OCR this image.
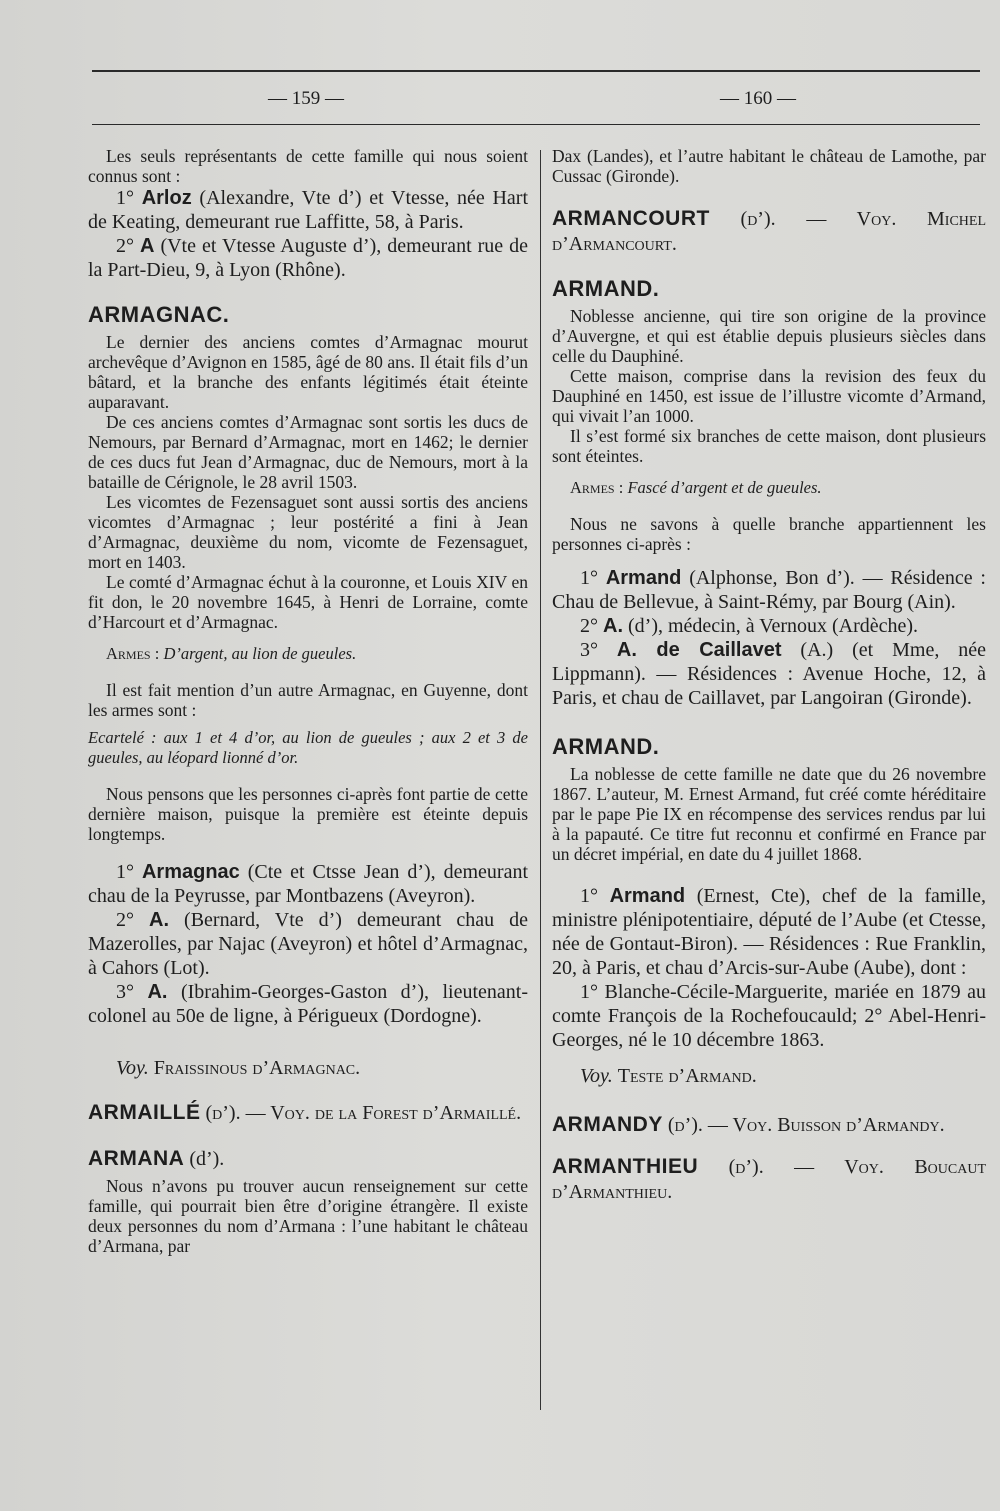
— 159 —	— 160 —

Les seuls représentants de cette famille qui nous soient connus sont :

1° Arloz (Alexandre, Vte d’) et Vtesse, née Hart de Keating, demeurant rue Laffitte, 58, à Paris.

2° A (Vte et Vtesse Auguste d’), demeurant rue de la Part-Dieu, 9, à Lyon (Rhône).

ARMAGNAC.

Le dernier des anciens comtes d’Armagnac mourut archevêque d’Avignon en 1585, âgé de 80 ans. Il était fils d’un bâtard, et la branche des enfants légitimés était éteinte auparavant.

De ces anciens comtes d’Armagnac sont sortis les ducs de Nemours, par Bernard d’Armagnac, mort en 1462; le dernier de ces ducs fut Jean d’Armagnac, duc de Nemours, mort à la bataille de Cérignole, le 28 avril 1503.

Les vicomtes de Fezensaguet sont aussi sortis des anciens vicomtes d’Armagnac ; leur postérité a fini à Jean d’Armagnac, deuxième du nom, vicomte de Fezensaguet, mort en 1403.

Le comté d’Armagnac échut à la couronne, et Louis XIV en fit don, le 20 novembre 1645, à Henri de Lorraine, comte d’Harcourt et d’Armagnac.

Armes : D’argent, au lion de gueules.

Il est fait mention d’un autre Armagnac, en Guyenne, dont les armes sont :

Ecartelé : aux 1 et 4 d’or, au lion de gueules ; aux 2 et 3 de gueules, au léopard lionné d’or.

Nous pensons que les personnes ci-après font partie de cette dernière maison, puisque la première est éteinte depuis longtemps.

1° Armagnac (Cte et Ctsse Jean d’), demeurant chau de la Peyrusse, par Montbazens (Aveyron).

2° A. (Bernard, Vte d’) demeurant chau de Mazerolles, par Najac (Aveyron) et hôtel d’Armagnac, à Cahors (Lot).

3° A. (Ibrahim-Georges-Gaston d’), lieutenant-colonel au 50e de ligne, à Périgueux (Dordogne).

Voy. Fraissinous d’Armagnac.

ARMAILLÉ (d’). — Voy. de la Forest d’Armaillé.

ARMANA (d’).

Nous n’avons pu trouver aucun renseignement sur cette famille, qui pourrait bien être d’origine étrangère. Il existe deux personnes du nom d’Armana : l’une habitant le château d’Armana, par

Dax (Landes), et l’autre habitant le château de Lamothe, par Cussac (Gironde).

ARMANCOURT (d’). — Voy. Michel d’Armancourt.

ARMAND.

Noblesse ancienne, qui tire son origine de la province d’Auvergne, et qui est établie depuis plusieurs siècles dans celle du Dauphiné.

Cette maison, comprise dans la revision des feux du Dauphiné en 1450, est issue de l’illustre vicomte d’Armand, qui vivait l’an 1000.

Il s’est formé six branches de cette maison, dont plusieurs sont éteintes.

Armes : Fascé d’argent et de gueules.

Nous ne savons à quelle branche appartiennent les personnes ci-après :

1° Armand (Alphonse, Bon d’). — Résidence : Chau de Bellevue, à Saint-Rémy, par Bourg (Ain).

2° A. (d’), médecin, à Vernoux (Ardèche).

3° A. de Caillavet (A.) (et Mme, née Lippmann). — Résidences : Avenue Hoche, 12, à Paris, et chau de Caillavet, par Langoiran (Gironde).

ARMAND.

La noblesse de cette famille ne date que du 26 novembre 1867. L’auteur, M. Ernest Armand, fut créé comte héréditaire par le pape Pie IX en récompense des services rendus par lui à la papauté. Ce titre fut reconnu et confirmé en France par un décret impérial, en date du 4 juillet 1868.

1° Armand (Ernest, Cte), chef de la famille, ministre plénipotentiaire, député de l’Aube (et Ctesse, née de Gontaut-Biron). — Résidences : Rue Franklin, 20, à Paris, et chau d’Arcis-sur-Aube (Aube), dont :

1° Blanche-Cécile-Marguerite, mariée en 1879 au comte François de la Rochefoucauld; 2° Abel-Henri-Georges, né le 10 décembre 1863.

Voy. Teste d’Armand.

ARMANDY (d’). — Voy. Buisson d’Armandy.

ARMANTHIEU (d’). — Voy. Boucaut d’Armanthieu.
